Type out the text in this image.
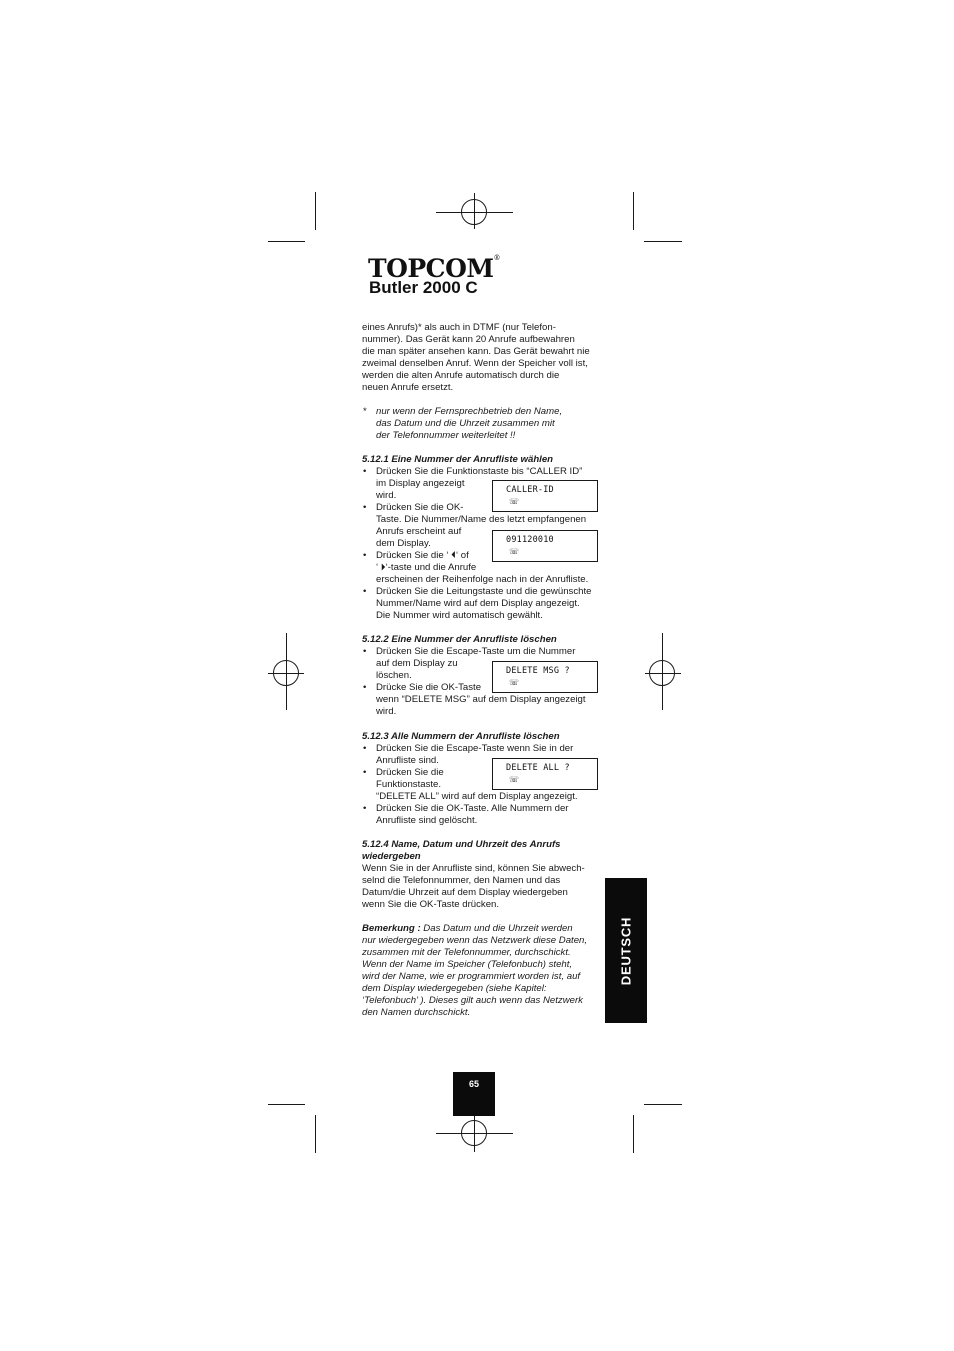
TOPCOM®
Butler 2000 C

eines Anrufs)* als auch in DTMF (nur Telefon-

nummer). Das Gerät kann 20 Anrufe aufbewahren

die man später ansehen kann. Das Gerät bewahrt nie

zweimal denselben Anruf. Wenn der Speicher voll ist,

werden die alten Anrufe automatisch durch die

neuen Anrufe ersetzt.

* nur wenn der Fernsprechbetrieb den Name,

das Datum und die Uhrzeit zusammen mit

der Telefonnummer weiterleitet !!

5.12.1 Eine Nummer der Anrufliste wählen

• Drücken Sie die Funktionstaste bis “CALLER ID”

im Display angezeigt

wird.

• Drücken Sie die OK-

Taste. Die Nummer/Name des letzt empfangenen

Anrufs erscheint auf

dem Display.

• Drücken Sie die ‘ ⏴‘ of

‘ ⏵‘-taste und die Anrufe

erscheinen der Reihenfolge nach in der Anrufliste.

• Drücken Sie die Leitungstaste und die gewünschte

Nummer/Name wird auf dem Display angezeigt.

Die Nummer wird automatisch gewählt.

5.12.2 Eine Nummer der Anrufliste löschen

• Drücken Sie die Escape-Taste um die Nummer

auf dem Display zu

löschen.

• Drücke Sie die OK-Taste

wenn “DELETE MSG” auf dem Display angezeigt

wird.

5.12.3 Alle Nummern der Anrufliste löschen

• Drücken Sie die Escape-Taste wenn Sie in der

Anrufliste sind.

• Drücken Sie die

Funktionstaste.

“DELETE ALL” wird auf dem Display angezeigt.

• Drücken Sie die OK-Taste. Alle Nummern der

Anrufliste sind gelöscht.

5.12.4 Name, Datum und Uhrzeit des Anrufs

wiedergeben

Wenn Sie in der Anrufliste sind, können Sie abwech-

selnd die Telefonnummer, den Namen und das

Datum/die Uhrzeit auf dem Display wiedergeben

wenn Sie die OK-Taste drücken.

Bemerkung : Das Datum und die Uhrzeit werden

nur wiedergegeben wenn das Netzwerk diese Daten,

zusammen mit der Telefonnummer, durchschickt.

Wenn der Name im Speicher (Telefonbuch) steht,

wird der Name, wie er programmiert worden ist, auf

dem Display wiedergegeben (siehe Kapitel:

‘Telefonbuch’ ). Dieses gilt auch wenn das Netzwerk

den Namen durchschickt.

CALLER-ID
☏
091120010
☏
DELETE MSG ?
☏
DELETE ALL ?
☏
DEUTSCH
65
